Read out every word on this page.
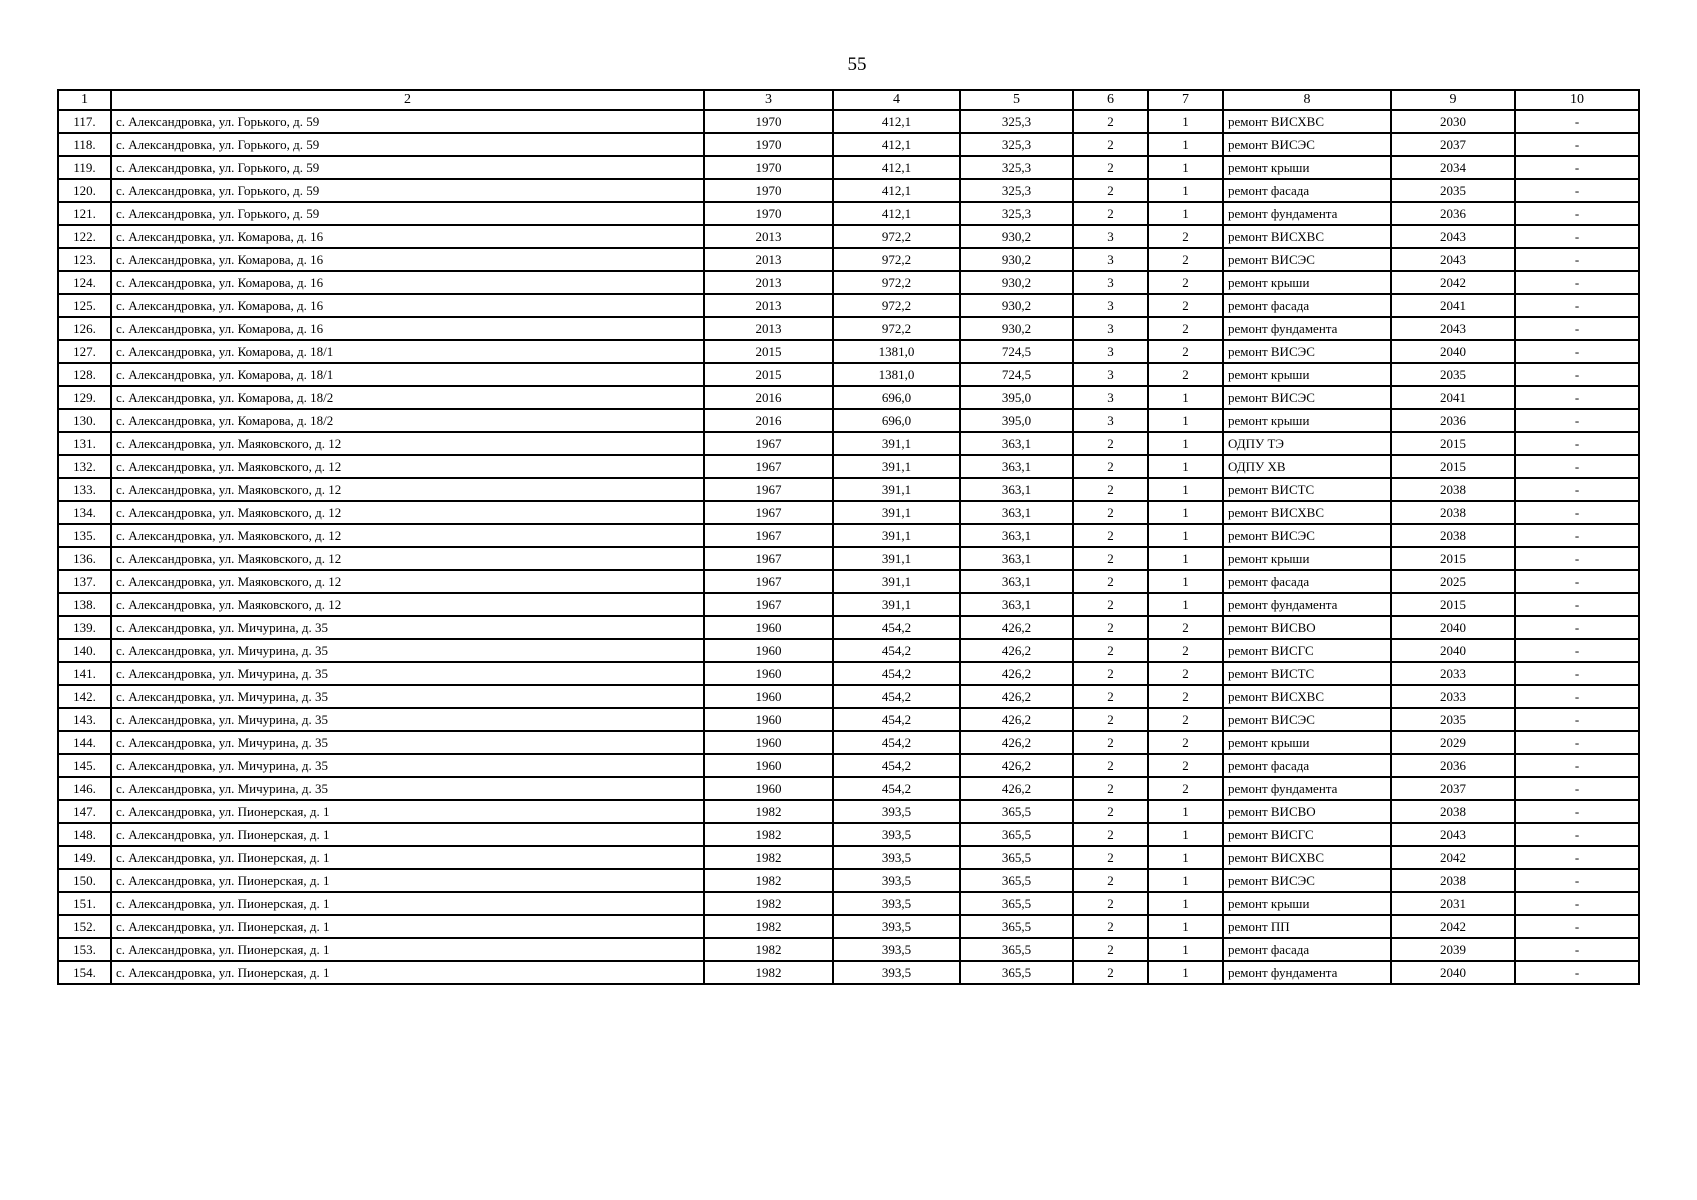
55
1	2	3	4	5	6	7	8	9	10
117.	с. Александровка, ул. Горького, д. 59	1970	412,1	325,3	2	1	ремонт ВИСХВС	2030	-
118.	с. Александровка, ул. Горького, д. 59	1970	412,1	325,3	2	1	ремонт ВИСЭС	2037	-
119.	с. Александровка, ул. Горького, д. 59	1970	412,1	325,3	2	1	ремонт крыши	2034	-
120.	с. Александровка, ул. Горького, д. 59	1970	412,1	325,3	2	1	ремонт фасада	2035	-
121.	с. Александровка, ул. Горького, д. 59	1970	412,1	325,3	2	1	ремонт фундамента	2036	-
122.	с. Александровка, ул. Комарова, д. 16	2013	972,2	930,2	3	2	ремонт ВИСХВС	2043	-
123.	с. Александровка, ул. Комарова, д. 16	2013	972,2	930,2	3	2	ремонт ВИСЭС	2043	-
124.	с. Александровка, ул. Комарова, д. 16	2013	972,2	930,2	3	2	ремонт крыши	2042	-
125.	с. Александровка, ул. Комарова, д. 16	2013	972,2	930,2	3	2	ремонт фасада	2041	-
126.	с. Александровка, ул. Комарова, д. 16	2013	972,2	930,2	3	2	ремонт фундамента	2043	-
127.	с. Александровка, ул. Комарова, д. 18/1	2015	1381,0	724,5	3	2	ремонт ВИСЭС	2040	-
128.	с. Александровка, ул. Комарова, д. 18/1	2015	1381,0	724,5	3	2	ремонт крыши	2035	-
129.	с. Александровка, ул. Комарова, д. 18/2	2016	696,0	395,0	3	1	ремонт ВИСЭС	2041	-
130.	с. Александровка, ул. Комарова, д. 18/2	2016	696,0	395,0	3	1	ремонт крыши	2036	-
131.	с. Александровка, ул. Маяковского, д. 12	1967	391,1	363,1	2	1	ОДПУ ТЭ	2015	-
132.	с. Александровка, ул. Маяковского, д. 12	1967	391,1	363,1	2	1	ОДПУ ХВ	2015	-
133.	с. Александровка, ул. Маяковского, д. 12	1967	391,1	363,1	2	1	ремонт ВИСТС	2038	-
134.	с. Александровка, ул. Маяковского, д. 12	1967	391,1	363,1	2	1	ремонт ВИСХВС	2038	-
135.	с. Александровка, ул. Маяковского, д. 12	1967	391,1	363,1	2	1	ремонт ВИСЭС	2038	-
136.	с. Александровка, ул. Маяковского, д. 12	1967	391,1	363,1	2	1	ремонт крыши	2015	-
137.	с. Александровка, ул. Маяковского, д. 12	1967	391,1	363,1	2	1	ремонт фасада	2025	-
138.	с. Александровка, ул. Маяковского, д. 12	1967	391,1	363,1	2	1	ремонт фундамента	2015	-
139.	с. Александровка, ул. Мичурина, д. 35	1960	454,2	426,2	2	2	ремонт ВИСВО	2040	-
140.	с. Александровка, ул. Мичурина, д. 35	1960	454,2	426,2	2	2	ремонт ВИСГС	2040	-
141.	с. Александровка, ул. Мичурина, д. 35	1960	454,2	426,2	2	2	ремонт ВИСТС	2033	-
142.	с. Александровка, ул. Мичурина, д. 35	1960	454,2	426,2	2	2	ремонт ВИСХВС	2033	-
143.	с. Александровка, ул. Мичурина, д. 35	1960	454,2	426,2	2	2	ремонт ВИСЭС	2035	-
144.	с. Александровка, ул. Мичурина, д. 35	1960	454,2	426,2	2	2	ремонт крыши	2029	-
145.	с. Александровка, ул. Мичурина, д. 35	1960	454,2	426,2	2	2	ремонт фасада	2036	-
146.	с. Александровка, ул. Мичурина, д. 35	1960	454,2	426,2	2	2	ремонт фундамента	2037	-
147.	с. Александровка, ул. Пионерская, д. 1	1982	393,5	365,5	2	1	ремонт ВИСВО	2038	-
148.	с. Александровка, ул. Пионерская, д. 1	1982	393,5	365,5	2	1	ремонт ВИСГС	2043	-
149.	с. Александровка, ул. Пионерская, д. 1	1982	393,5	365,5	2	1	ремонт ВИСХВС	2042	-
150.	с. Александровка, ул. Пионерская, д. 1	1982	393,5	365,5	2	1	ремонт ВИСЭС	2038	-
151.	с. Александровка, ул. Пионерская, д. 1	1982	393,5	365,5	2	1	ремонт крыши	2031	-
152.	с. Александровка, ул. Пионерская, д. 1	1982	393,5	365,5	2	1	ремонт ПП	2042	-
153.	с. Александровка, ул. Пионерская, д. 1	1982	393,5	365,5	2	1	ремонт фасада	2039	-
154.	с. Александровка, ул. Пионерская, д. 1	1982	393,5	365,5	2	1	ремонт фундамента	2040	-
